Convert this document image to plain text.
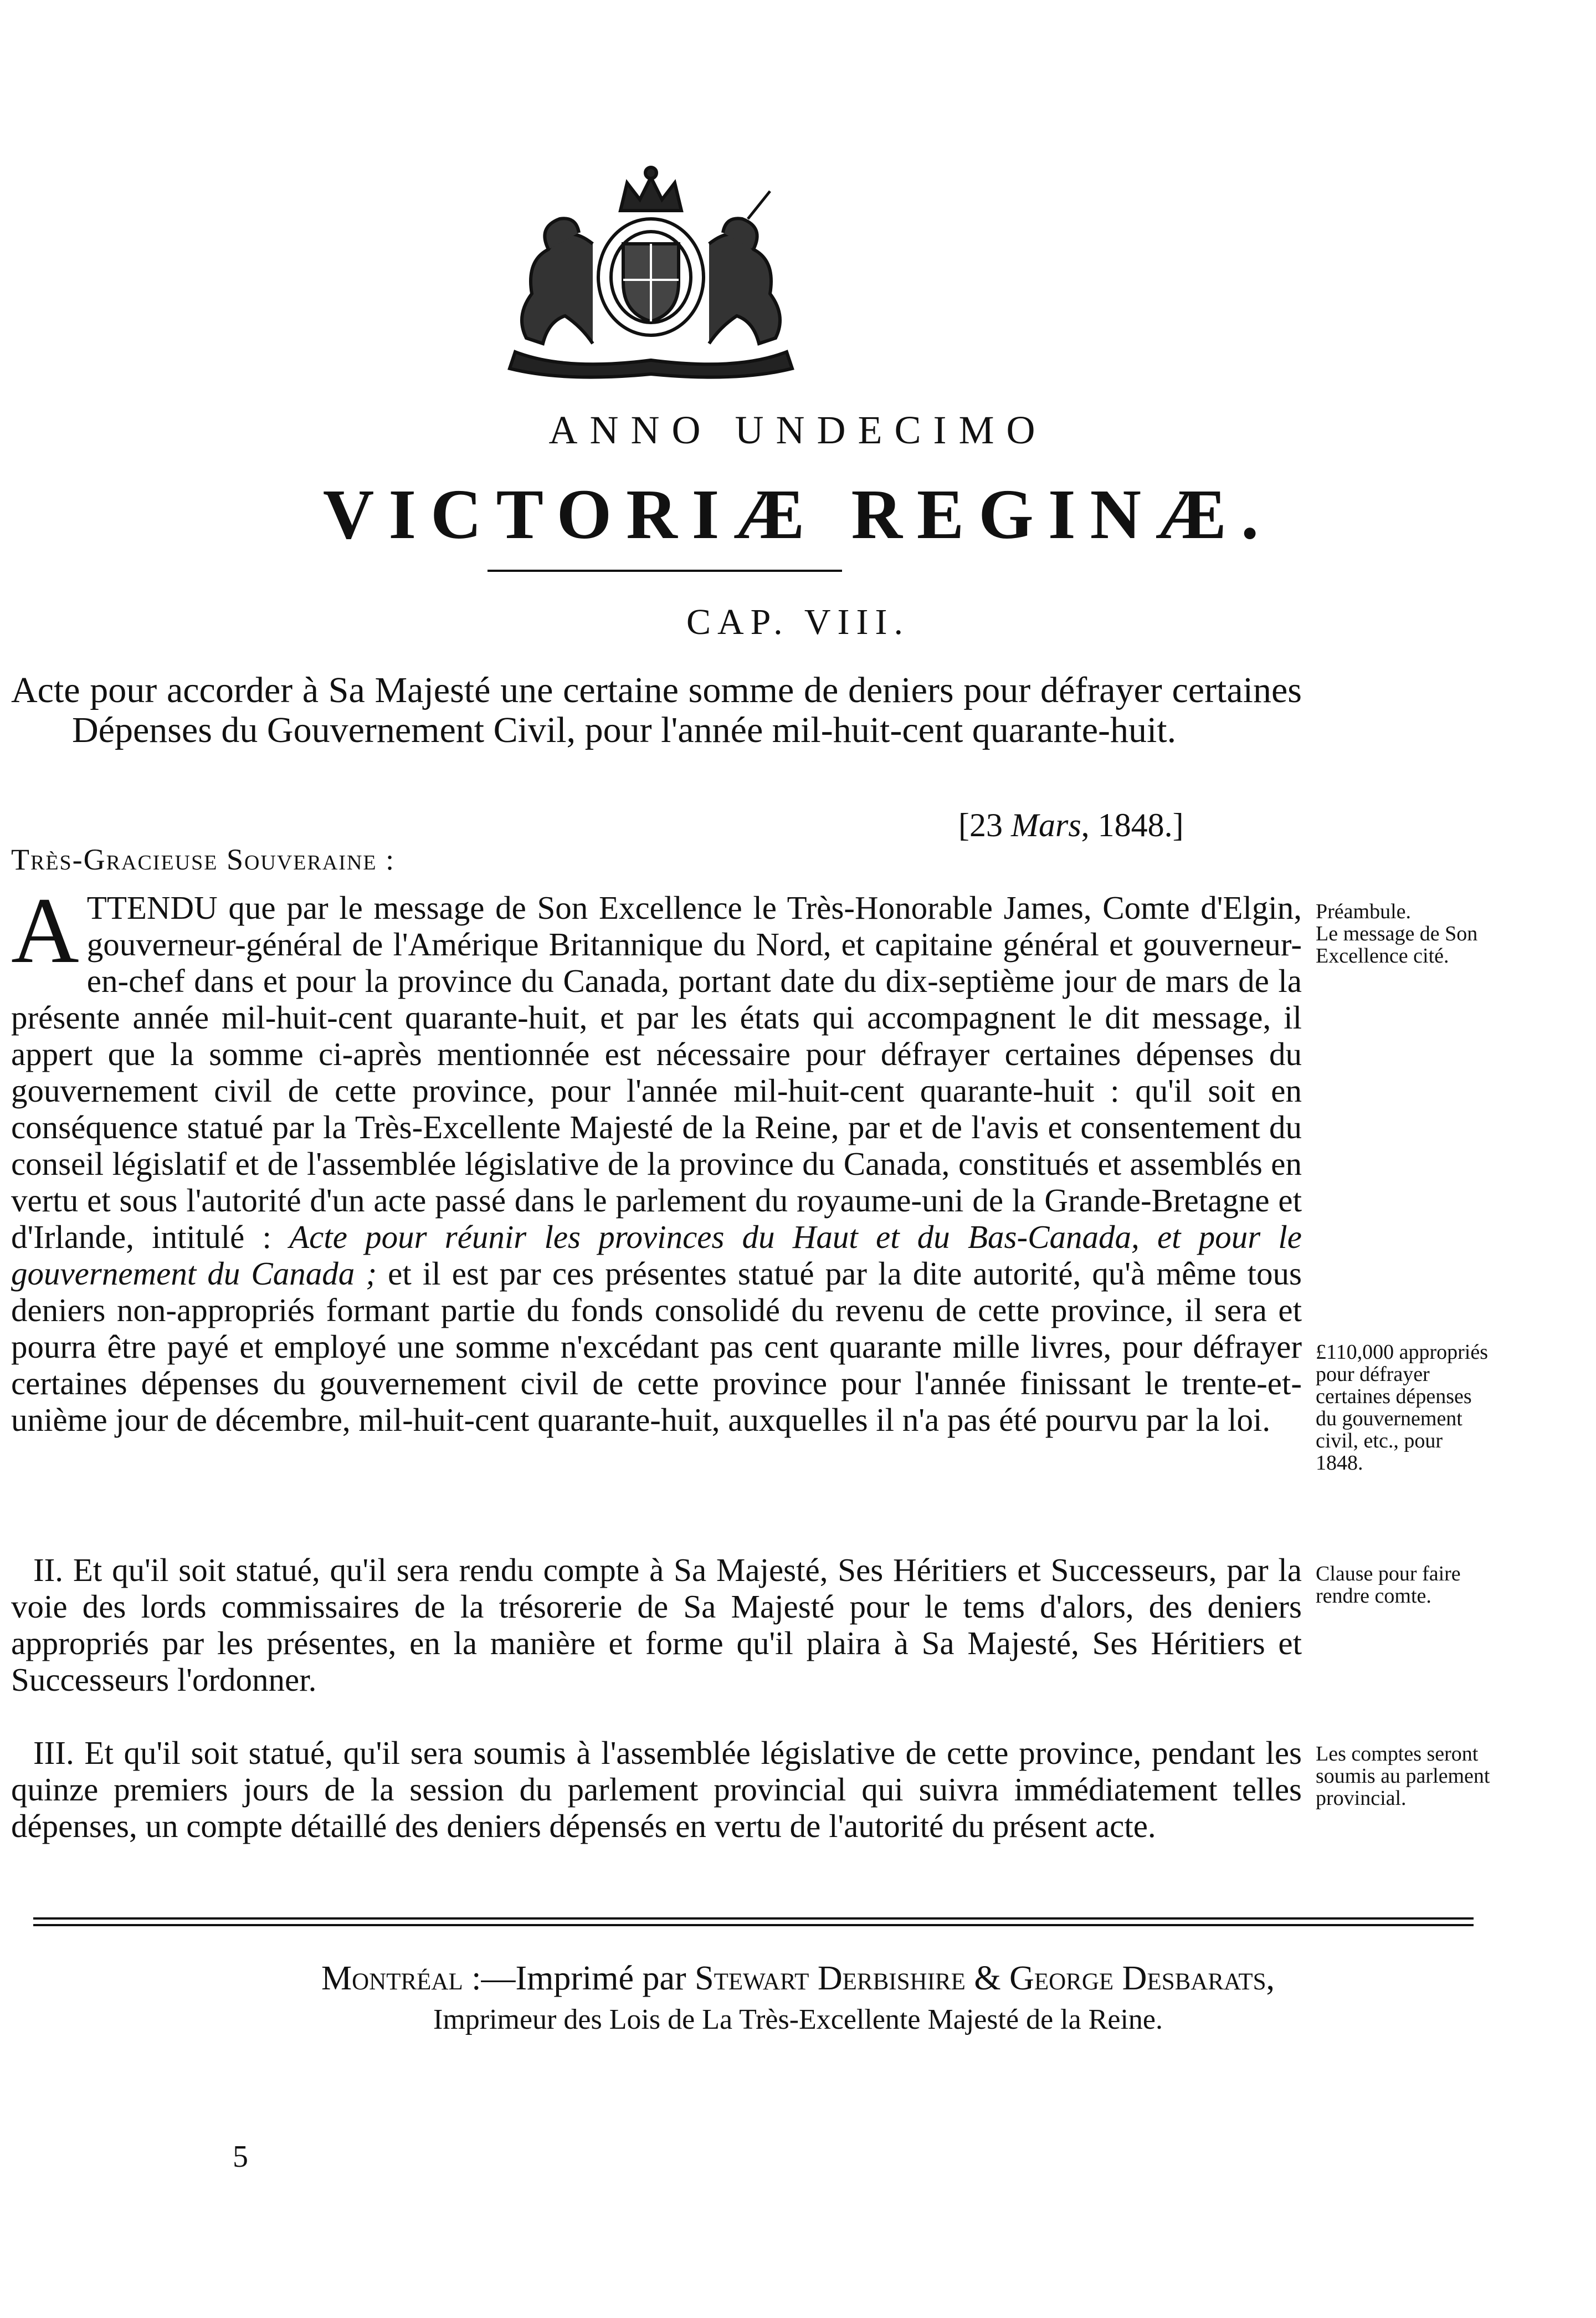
ANNO UNDECIMO
VICTORIÆ REGINÆ.
CAP. VIII.

Acte pour accorder à Sa Majesté une certaine somme de deniers pour défrayer certaines Dépenses du Gouvernement Civil, pour l'année mil-huit-cent quarante-huit.

[23 Mars, 1848.]
Très-Gracieuse Souveraine :

ATTENDU que par le message de Son Excellence le Très-Honorable James, Comte d'Elgin, gouverneur-général de l'Amérique Britannique du Nord, et capitaine général et gouverneur-en-chef dans et pour la province du Canada, portant date du dix-septième jour de mars de la présente année mil-huit-cent quarante-huit, et par les états qui accompagnent le dit message, il appert que la somme ci-après mentionnée est nécessaire pour défrayer certaines dépenses du gouvernement civil de cette province, pour l'année mil-huit-cent quarante-huit : qu'il soit en conséquence statué par la Très-Excellente Majesté de la Reine, par et de l'avis et consentement du conseil législatif et de l'assemblée législative de la province du Canada, constitués et assemblés en vertu et sous l'autorité d'un acte passé dans le parlement du royaume-uni de la Grande-Bretagne et d'Irlande, intitulé : Acte pour réunir les provinces du Haut et du Bas-Canada, et pour le gouvernement du Canada ; et il est par ces présentes statué par la dite autorité, qu'à même tous deniers non-appropriés formant partie du fonds consolidé du revenu de cette province, il sera et pourra être payé et employé une somme n'excédant pas cent quarante mille livres, pour défrayer certaines dépenses du gouvernement civil de cette province pour l'année finissant le trente-et-unième jour de décembre, mil-huit-cent quarante-huit, auxquelles il n'a pas été pourvu par la loi.

II. Et qu'il soit statué, qu'il sera rendu compte à Sa Majesté, Ses Héritiers et Successeurs, par la voie des lords commissaires de la trésorerie de Sa Majesté pour le tems d'alors, des deniers appropriés par les présentes, en la manière et forme qu'il plaira à Sa Majesté, Ses Héritiers et Successeurs l'ordonner.

III. Et qu'il soit statué, qu'il sera soumis à l'assemblée législative de cette province, pendant les quinze premiers jours de la session du parlement provincial qui suivra immédiatement telles dépenses, un compte détaillé des deniers dépensés en vertu de l'autorité du présent acte.

Préambule.
Le message de Son Excellence cité.
£110,000 appropriés pour défrayer certaines dépenses du gouvernement civil, etc., pour 1848.
Clause pour faire rendre comte.
Les comptes seront soumis au parlement provincial.
Montréal :—Imprimé par Stewart Derbishire & George Desbarats,
Imprimeur des Lois de La Très-Excellente Majesté de la Reine.
5
